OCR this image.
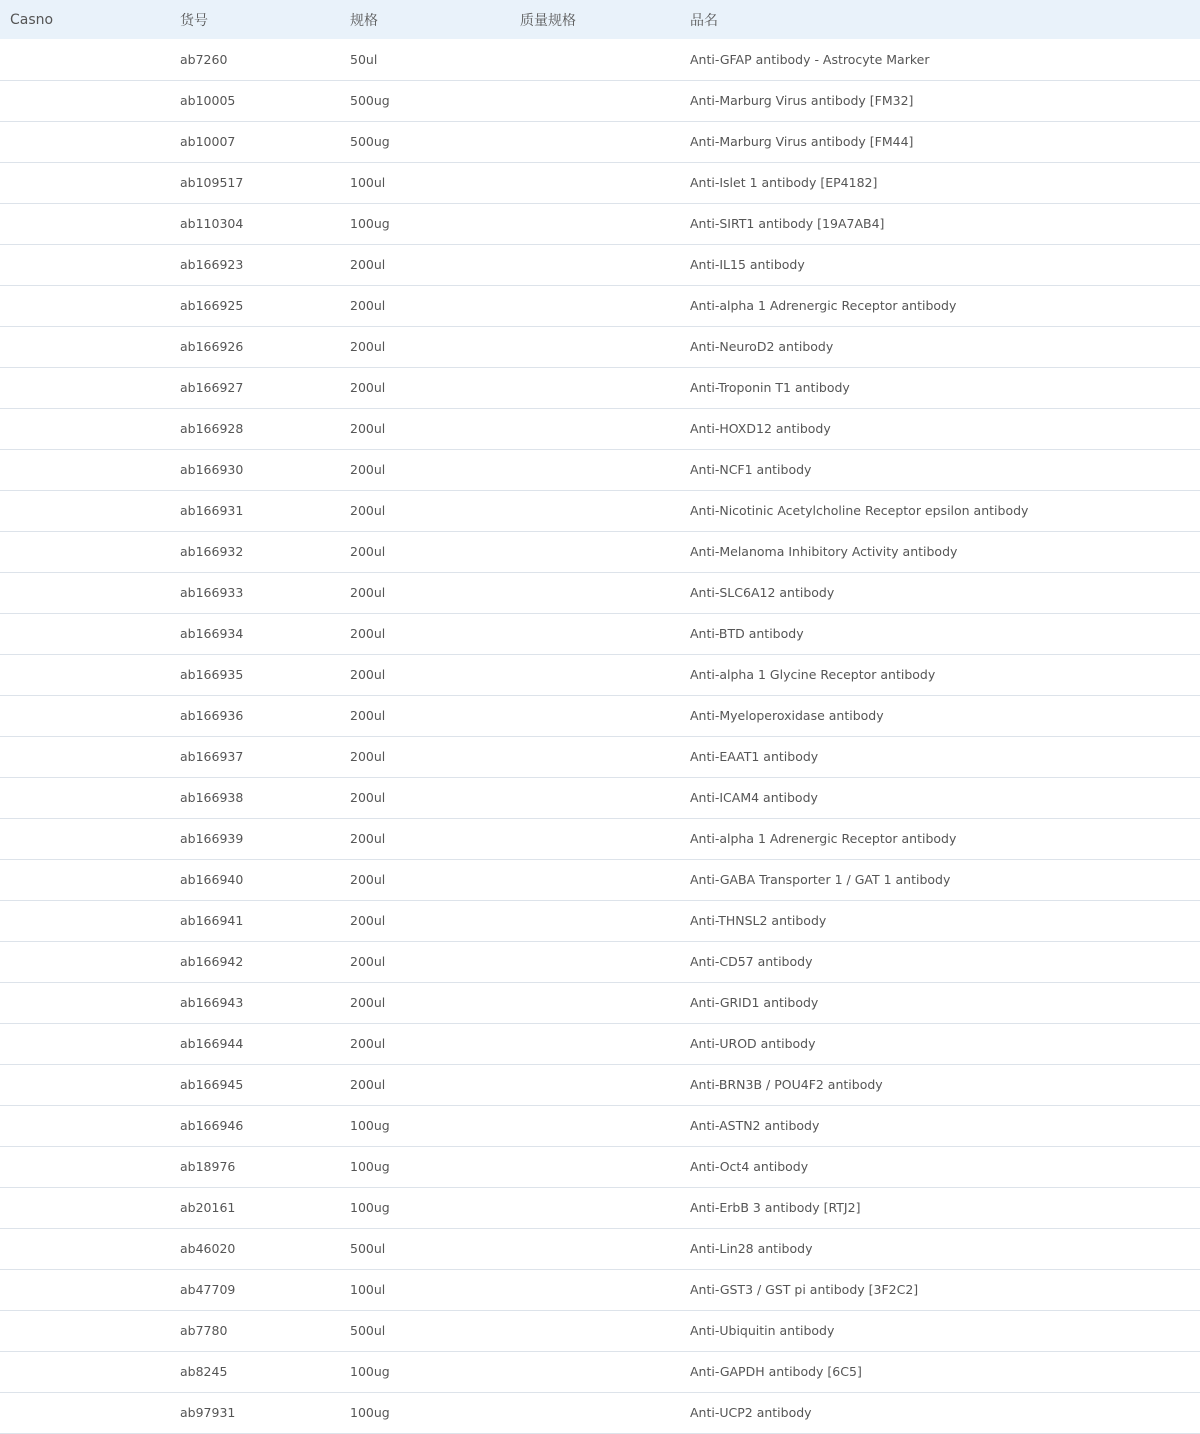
Casno	货号	规格	质量规格	品名
	ab7260	50ul		Anti-GFAP antibody - Astrocyte Marker
	ab10005	500ug		Anti-Marburg Virus antibody [FM32]
	ab10007	500ug		Anti-Marburg Virus antibody [FM44]
	ab109517	100ul		Anti-Islet 1 antibody [EP4182]
	ab110304	100ug		Anti-SIRT1 antibody [19A7AB4]
	ab166923	200ul		Anti-IL15 antibody
	ab166925	200ul		Anti-alpha 1 Adrenergic Receptor antibody
	ab166926	200ul		Anti-NeuroD2 antibody
	ab166927	200ul		Anti-Troponin T1 antibody
	ab166928	200ul		Anti-HOXD12 antibody
	ab166930	200ul		Anti-NCF1 antibody
	ab166931	200ul		Anti-Nicotinic Acetylcholine Receptor epsilon antibody
	ab166932	200ul		Anti-Melanoma Inhibitory Activity antibody
	ab166933	200ul		Anti-SLC6A12 antibody
	ab166934	200ul		Anti-BTD antibody
	ab166935	200ul		Anti-alpha 1 Glycine Receptor antibody
	ab166936	200ul		Anti-Myeloperoxidase antibody
	ab166937	200ul		Anti-EAAT1 antibody
	ab166938	200ul		Anti-ICAM4 antibody
	ab166939	200ul		Anti-alpha 1 Adrenergic Receptor antibody
	ab166940	200ul		Anti-GABA Transporter 1 / GAT 1 antibody
	ab166941	200ul		Anti-THNSL2 antibody
	ab166942	200ul		Anti-CD57 antibody
	ab166943	200ul		Anti-GRID1 antibody
	ab166944	200ul		Anti-UROD antibody
	ab166945	200ul		Anti-BRN3B / POU4F2 antibody
	ab166946	100ug		Anti-ASTN2 antibody
	ab18976	100ug		Anti-Oct4 antibody
	ab20161	100ug		Anti-ErbB 3 antibody [RTJ2]
	ab46020	500ul		Anti-Lin28 antibody
	ab47709	100ul		Anti-GST3 / GST pi antibody [3F2C2]
	ab7780	500ul		Anti-Ubiquitin antibody
	ab8245	100ug		Anti-GAPDH antibody [6C5]
	ab97931	100ug		Anti-UCP2 antibody
